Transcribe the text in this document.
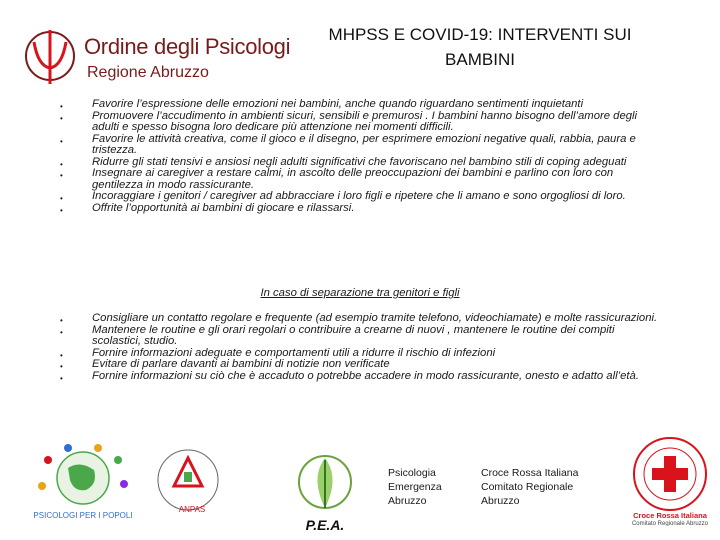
Ordine degli Psicologi
Regione Abruzzo
MHPSS E COVID-19: INTERVENTI SUI BAMBINI
• Favorire l’espressione delle emozioni nei bambini, anche quando riguardano sentimenti inquietanti
• Promuovere l’accudimento in ambienti sicuri, sensibili e premurosi . I bambini hanno bisogno dell’amore degli adulti e spesso bisogna loro dedicare più attenzione nei momenti difficili.
• Favorire le attività creativa, come il gioco e il disegno, per esprimere emozioni negative quali, rabbia, paura e tristezza.
• Ridurre gli stati tensivi e ansiosi negli adulti significativi che favoriscano nel bambino stili di coping adeguati
• Insegnare ai caregiver a restare calmi, in ascolto delle preoccupazioni dei bambini e parlino con loro con gentilezza in modo rassicurante.
• Incoraggiare i genitori / caregiver ad abbracciare i loro figli e ripetere che li amano e sono orgogliosi di loro.
• Offrite l’opportunità ai bambini di giocare e rilassarsi.
In caso di separazione tra genitori e figli
• Consigliare un contatto regolare e frequente (ad esempio tramite telefono, videochiamate) e molte rassicurazioni.
• Mantenere le routine e gli orari regolari o contribuire a crearne di nuovi , mantenere le routine dei compiti scolastici, studio.
• Fornire informazioni adeguate e comportamenti utili a ridurre il rischio di infezioni
• Evitare di parlare davanti ai bambini di notizie non verificate
• Fornire informazioni su ciò che è accaduto o potrebbe accadere in modo rassicurante, onesto e adatto all’età.
PSICOLOGI PER I POPOLI
ANPAS
P.E.A.
Psicologia
Emergenza
Abruzzo
Croce Rossa Italiana
Comitato Regionale
Abruzzo
Croce Rossa Italiana
Comitato Regionale Abruzzo
